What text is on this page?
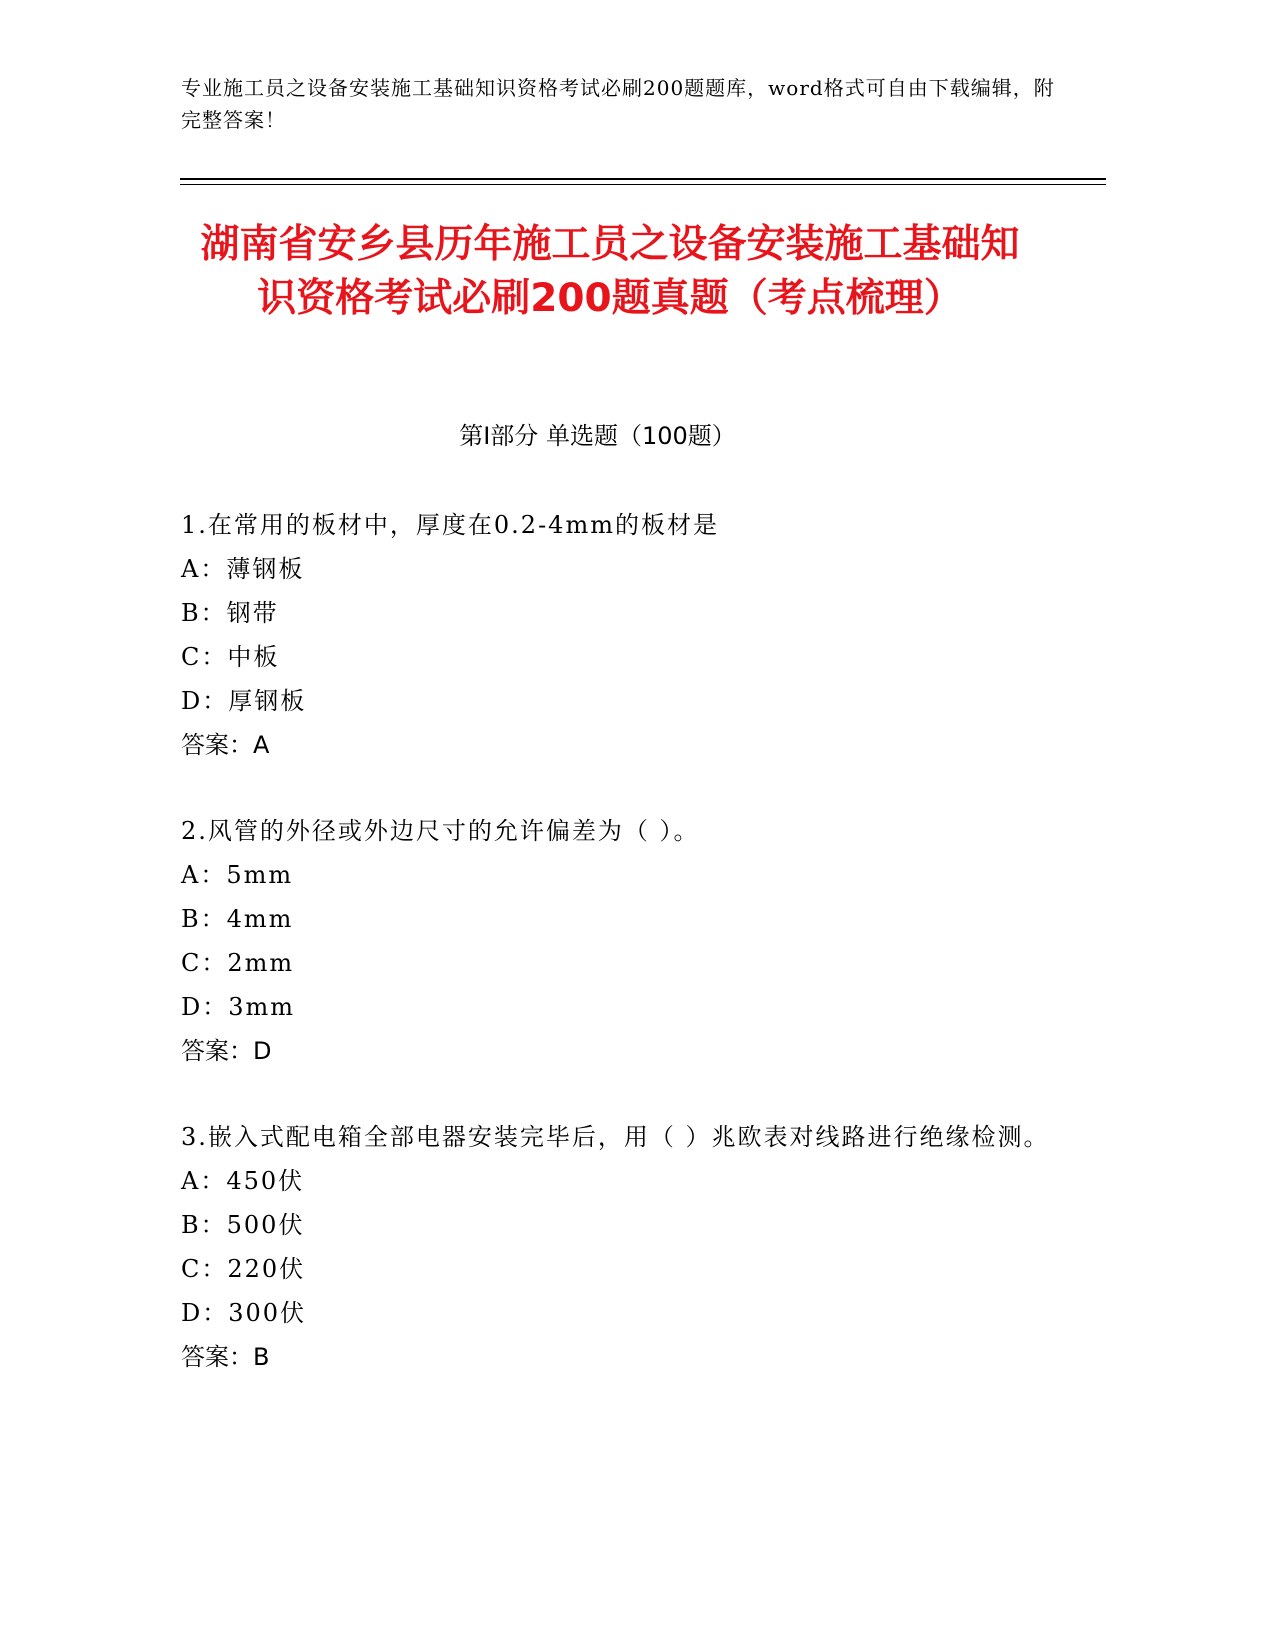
专业施工员之设备安装施工基础知识资格考试必刷200题题库，word格式可自由下载编辑，附完整答案！
湖南省安乡县历年施工员之设备安装施工基础知识资格考试必刷200题真题（考点梳理）
第Ⅰ部分 单选题（100题）
1.在常用的板材中，厚度在0.2-4mm的板材是
A：薄钢板
B：钢带
C：中板
D：厚钢板
答案：A
2.风管的外径或外边尺寸的允许偏差为（ ）。
A：5mm
B：4mm
C：2mm
D：3mm
答案：D
3.嵌入式配电箱全部电器安装完毕后，用（ ）兆欧表对线路进行绝缘检测。
A：450伏
B：500伏
C：220伏
D：300伏
答案：B
